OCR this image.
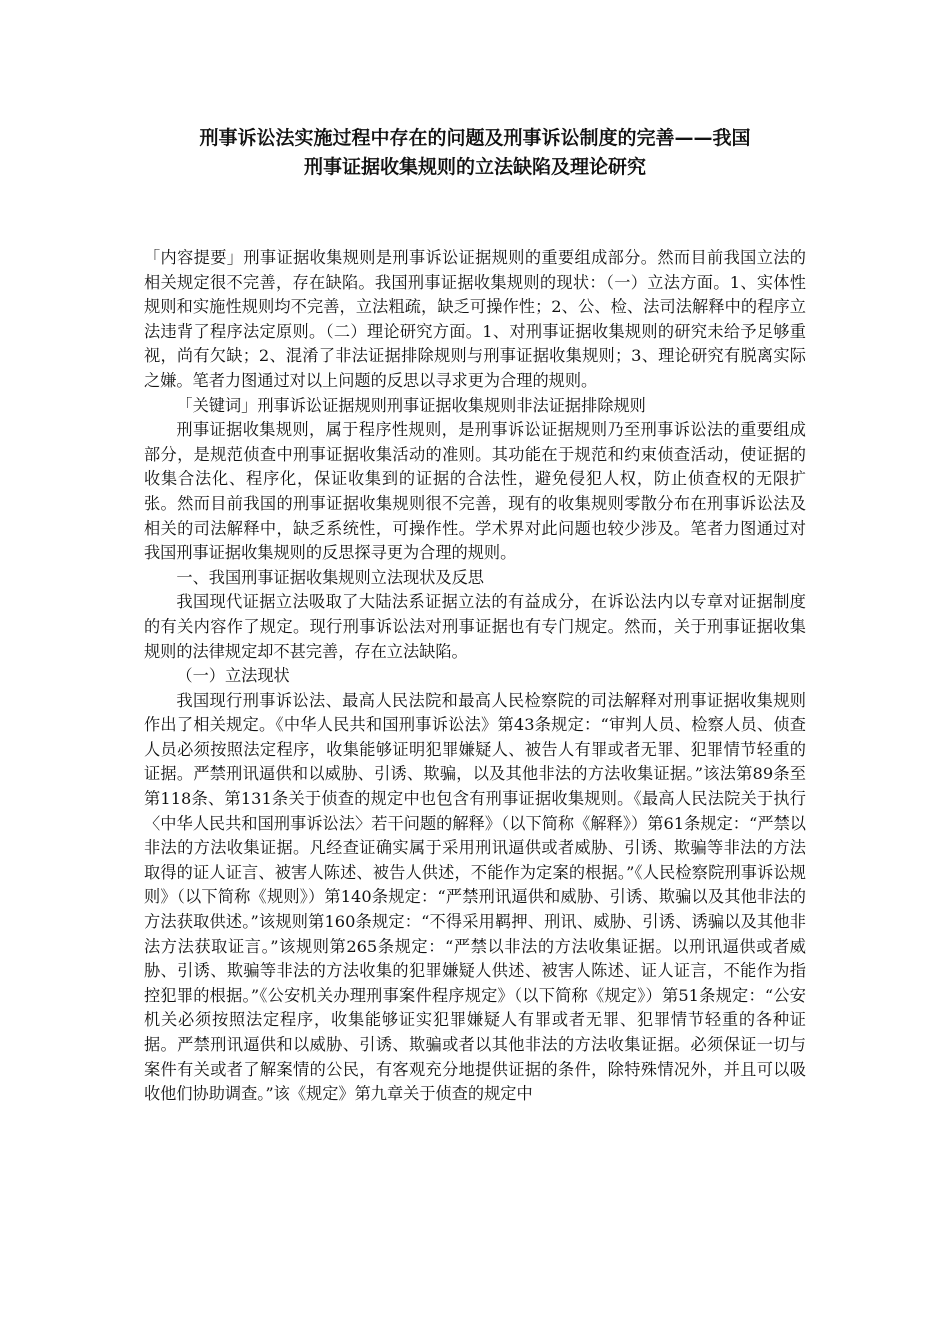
刑事诉讼法实施过程中存在的问题及刑事诉讼制度的完善——我国
刑事证据收集规则的立法缺陷及理论研究

「内容提要」刑事证据收集规则是刑事诉讼证据规则的重要组成部分。然而目前我国立法的相关规定很不完善，存在缺陷。我国刑事证据收集规则的现状：（一）立法方面。1、实体性规则和实施性规则均不完善，立法粗疏，缺乏可操作性；2、公、检、法司法解释中的程序立法违背了程序法定原则。（二）理论研究方面。1、对刑事证据收集规则的研究未给予足够重视，尚有欠缺；2、混淆了非法证据排除规则与刑事证据收集规则；3、理论研究有脱离实际之嫌。笔者力图通过对以上问题的反思以寻求更为合理的规则。

「关键词」刑事诉讼证据规则刑事证据收集规则非法证据排除规则

刑事证据收集规则，属于程序性规则，是刑事诉讼证据规则乃至刑事诉讼法的重要组成部分，是规范侦查中刑事证据收集活动的准则。其功能在于规范和约束侦查活动，使证据的收集合法化、程序化，保证收集到的证据的合法性，避免侵犯人权，防止侦查权的无限扩张。然而目前我国的刑事证据收集规则很不完善，现有的收集规则零散分布在刑事诉讼法及相关的司法解释中，缺乏系统性，可操作性。学术界对此问题也较少涉及。笔者力图通过对我国刑事证据收集规则的反思探寻更为合理的规则。

一、我国刑事证据收集规则立法现状及反思

我国现代证据立法吸取了大陆法系证据立法的有益成分，在诉讼法内以专章对证据制度的有关内容作了规定。现行刑事诉讼法对刑事证据也有专门规定。然而，关于刑事证据收集规则的法律规定却不甚完善，存在立法缺陷。

（一）立法现状

我国现行刑事诉讼法、最高人民法院和最高人民检察院的司法解释对刑事证据收集规则作出了相关规定。《中华人民共和国刑事诉讼法》第43条规定：“审判人员、检察人员、侦查人员必须按照法定程序，收集能够证明犯罪嫌疑人、被告人有罪或者无罪、犯罪情节轻重的证据。严禁刑讯逼供和以威胁、引诱、欺骗，以及其他非法的方法收集证据。”该法第89条至第118条、第131条关于侦查的规定中也包含有刑事证据收集规则。《最高人民法院关于执行〈中华人民共和国刑事诉讼法〉若干问题的解释》（以下简称《解释》）第61条规定：“严禁以非法的方法收集证据。凡经查证确实属于采用刑讯逼供或者威胁、引诱、欺骗等非法的方法取得的证人证言、被害人陈述、被告人供述，不能作为定案的根据。”《人民检察院刑事诉讼规则》（以下简称《规则》）第140条规定：“严禁刑讯逼供和威胁、引诱、欺骗以及其他非法的方法获取供述。”该规则第160条规定：“不得采用羁押、刑讯、威胁、引诱、诱骗以及其他非法方法获取证言。”该规则第265条规定：“严禁以非法的方法收集证据。以刑讯逼供或者威胁、引诱、欺骗等非法的方法收集的犯罪嫌疑人供述、被害人陈述、证人证言，不能作为指控犯罪的根据。”《公安机关办理刑事案件程序规定》（以下简称《规定》）第51条规定：“公安机关必须按照法定程序，收集能够证实犯罪嫌疑人有罪或者无罪、犯罪情节轻重的各种证据。严禁刑讯逼供和以威胁、引诱、欺骗或者以其他非法的方法收集证据。必须保证一切与案件有关或者了解案情的公民，有客观充分地提供证据的条件，除特殊情况外，并且可以吸收他们协助调查。”该《规定》第九章关于侦查的规定中
